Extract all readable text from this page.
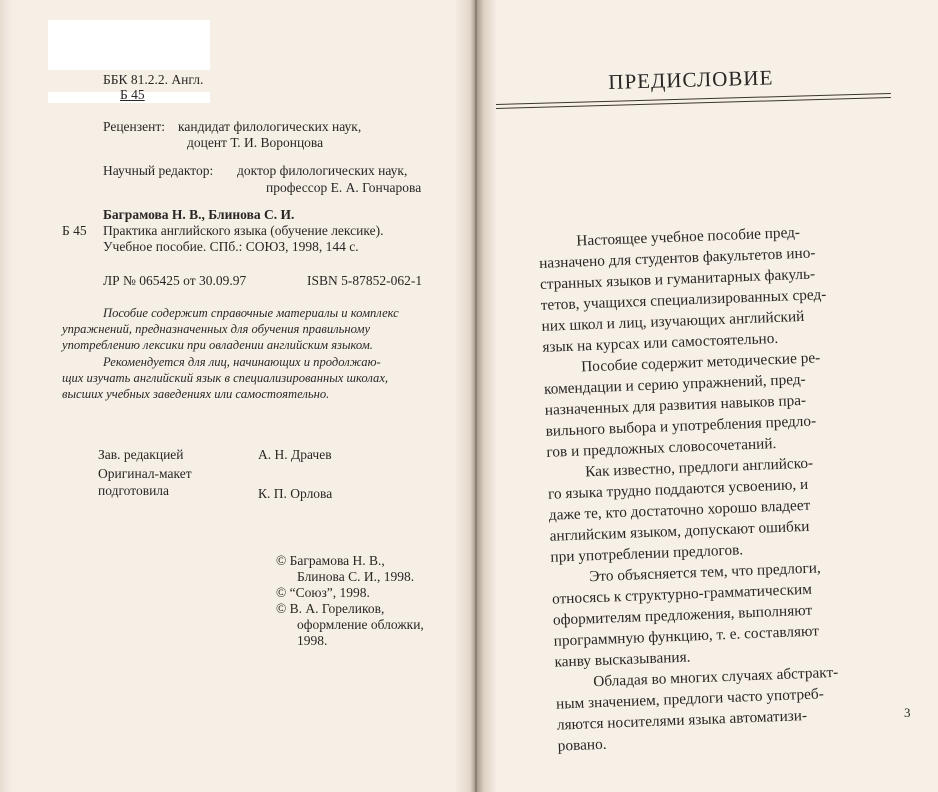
ББК 81.2.2. Англ.
Б 45
Рецензент: кандидат филологических наук,
доцент Т. И. Воронцова
Научный редактор: доктор филологических наук,
профессор Е. А. Гончарова
Баграмова Н. В., Блинова С. И.
Б 45 Практика английского языка (обучение лексике).
Учебное пособие. СПб.: СОЮЗ, 1998, 144 с.
ЛР № 065425 от 30.09.97	ISBN 5-87852-062-1
Пособие содержит справочные материалы и комплекс
упражнений, предназначенных для обучения правильному
употреблению лексики при овладении английским языком.
Рекомендуется для лиц, начинающих и продолжаю-
щих изучать английский язык в специализированных школах,
высших учебных заведениях или самостоятельно.
Зав. редакцией	А. Н. Драчев
Оригинал-макет
подготовила	К. П. Орлова
© Баграмова Н. В.,
Блинова С. И., 1998.
© “Союз”, 1998.
© В. А. Гореликов,
оформление обложки,
1998.
ПРЕДИСЛОВИЕ
Настоящее учебное пособие пред-
назначено для студентов факультетов ино-
странных языков и гуманитарных факуль-
тетов, учащихся специализированных сред-
них школ и лиц, изучающих английский
язык на курсах или самостоятельно.
Пособие содержит методические ре-
комендации и серию упражнений, пред-
назначенных для развития навыков пра-
вильного выбора и употребления предло-
гов и предложных словосочетаний.
Как известно, предлоги английско-
го языка трудно поддаются усвоению, и
даже те, кто достаточно хорошо владеет
английским языком, допускают ошибки
при употреблении предлогов.
Это объясняется тем, что предлоги,
относясь к структурно-грамматическим
оформителям предложения, выполняют
программную функцию, т. е. составляют
канву высказывания.
Обладая во многих случаях абстракт-
ным значением, предлоги часто употреб-
ляются носителями языка автоматизи-
ровано.
3
